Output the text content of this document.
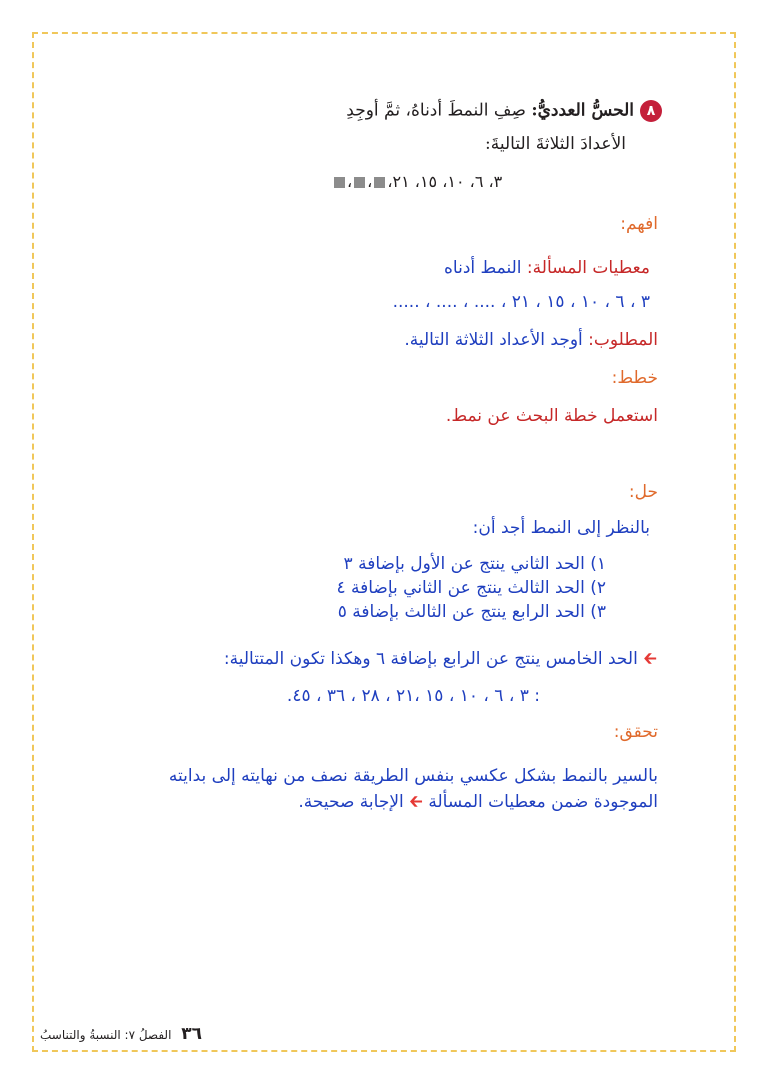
٨الحسُّ العدديُّ: صِفِ النمطَ أدناهُ، ثمَّ أوجِدِ
الأعدادَ الثلاثةَ التاليةَ:
٣، ٦، ١٠، ١٥، ٢١،،،
افهم:
معطيات المسألة: النمط أدناه
٣ ، ٦ ، ١٠ ، ١٥ ، ٢١ ، .... ، .... ، .....
المطلوب: أوجد الأعداد الثلاثة التالية.
خطط:
استعمل خطة البحث عن نمط.
حل:
بالنظر إلى النمط أجد أن:
١) الحد الثاني ينتج عن الأول بإضافة ٣
٢) الحد الثالث ينتج عن الثاني بإضافة ٤
٣) الحد الرابع ينتج عن الثالث بإضافة ٥
🡰 الحد الخامس ينتج عن الرابع بإضافة ٦ وهكذا تكون المتتالية:
: ٣ ، ٦ ، ١٠ ، ١٥ ،٢١ ، ٢٨ ، ٣٦ ، ٤٥.
تحقق:
بالسير بالنمط بشكل عكسي بنفس الطريقة نصف من نهايته إلى بدايته
الموجودة ضمن معطيات المسألة 🡰 الإجابة صحيحة.
٣٦ الفصلُ ٧: النسبةُ والتناسبُ
